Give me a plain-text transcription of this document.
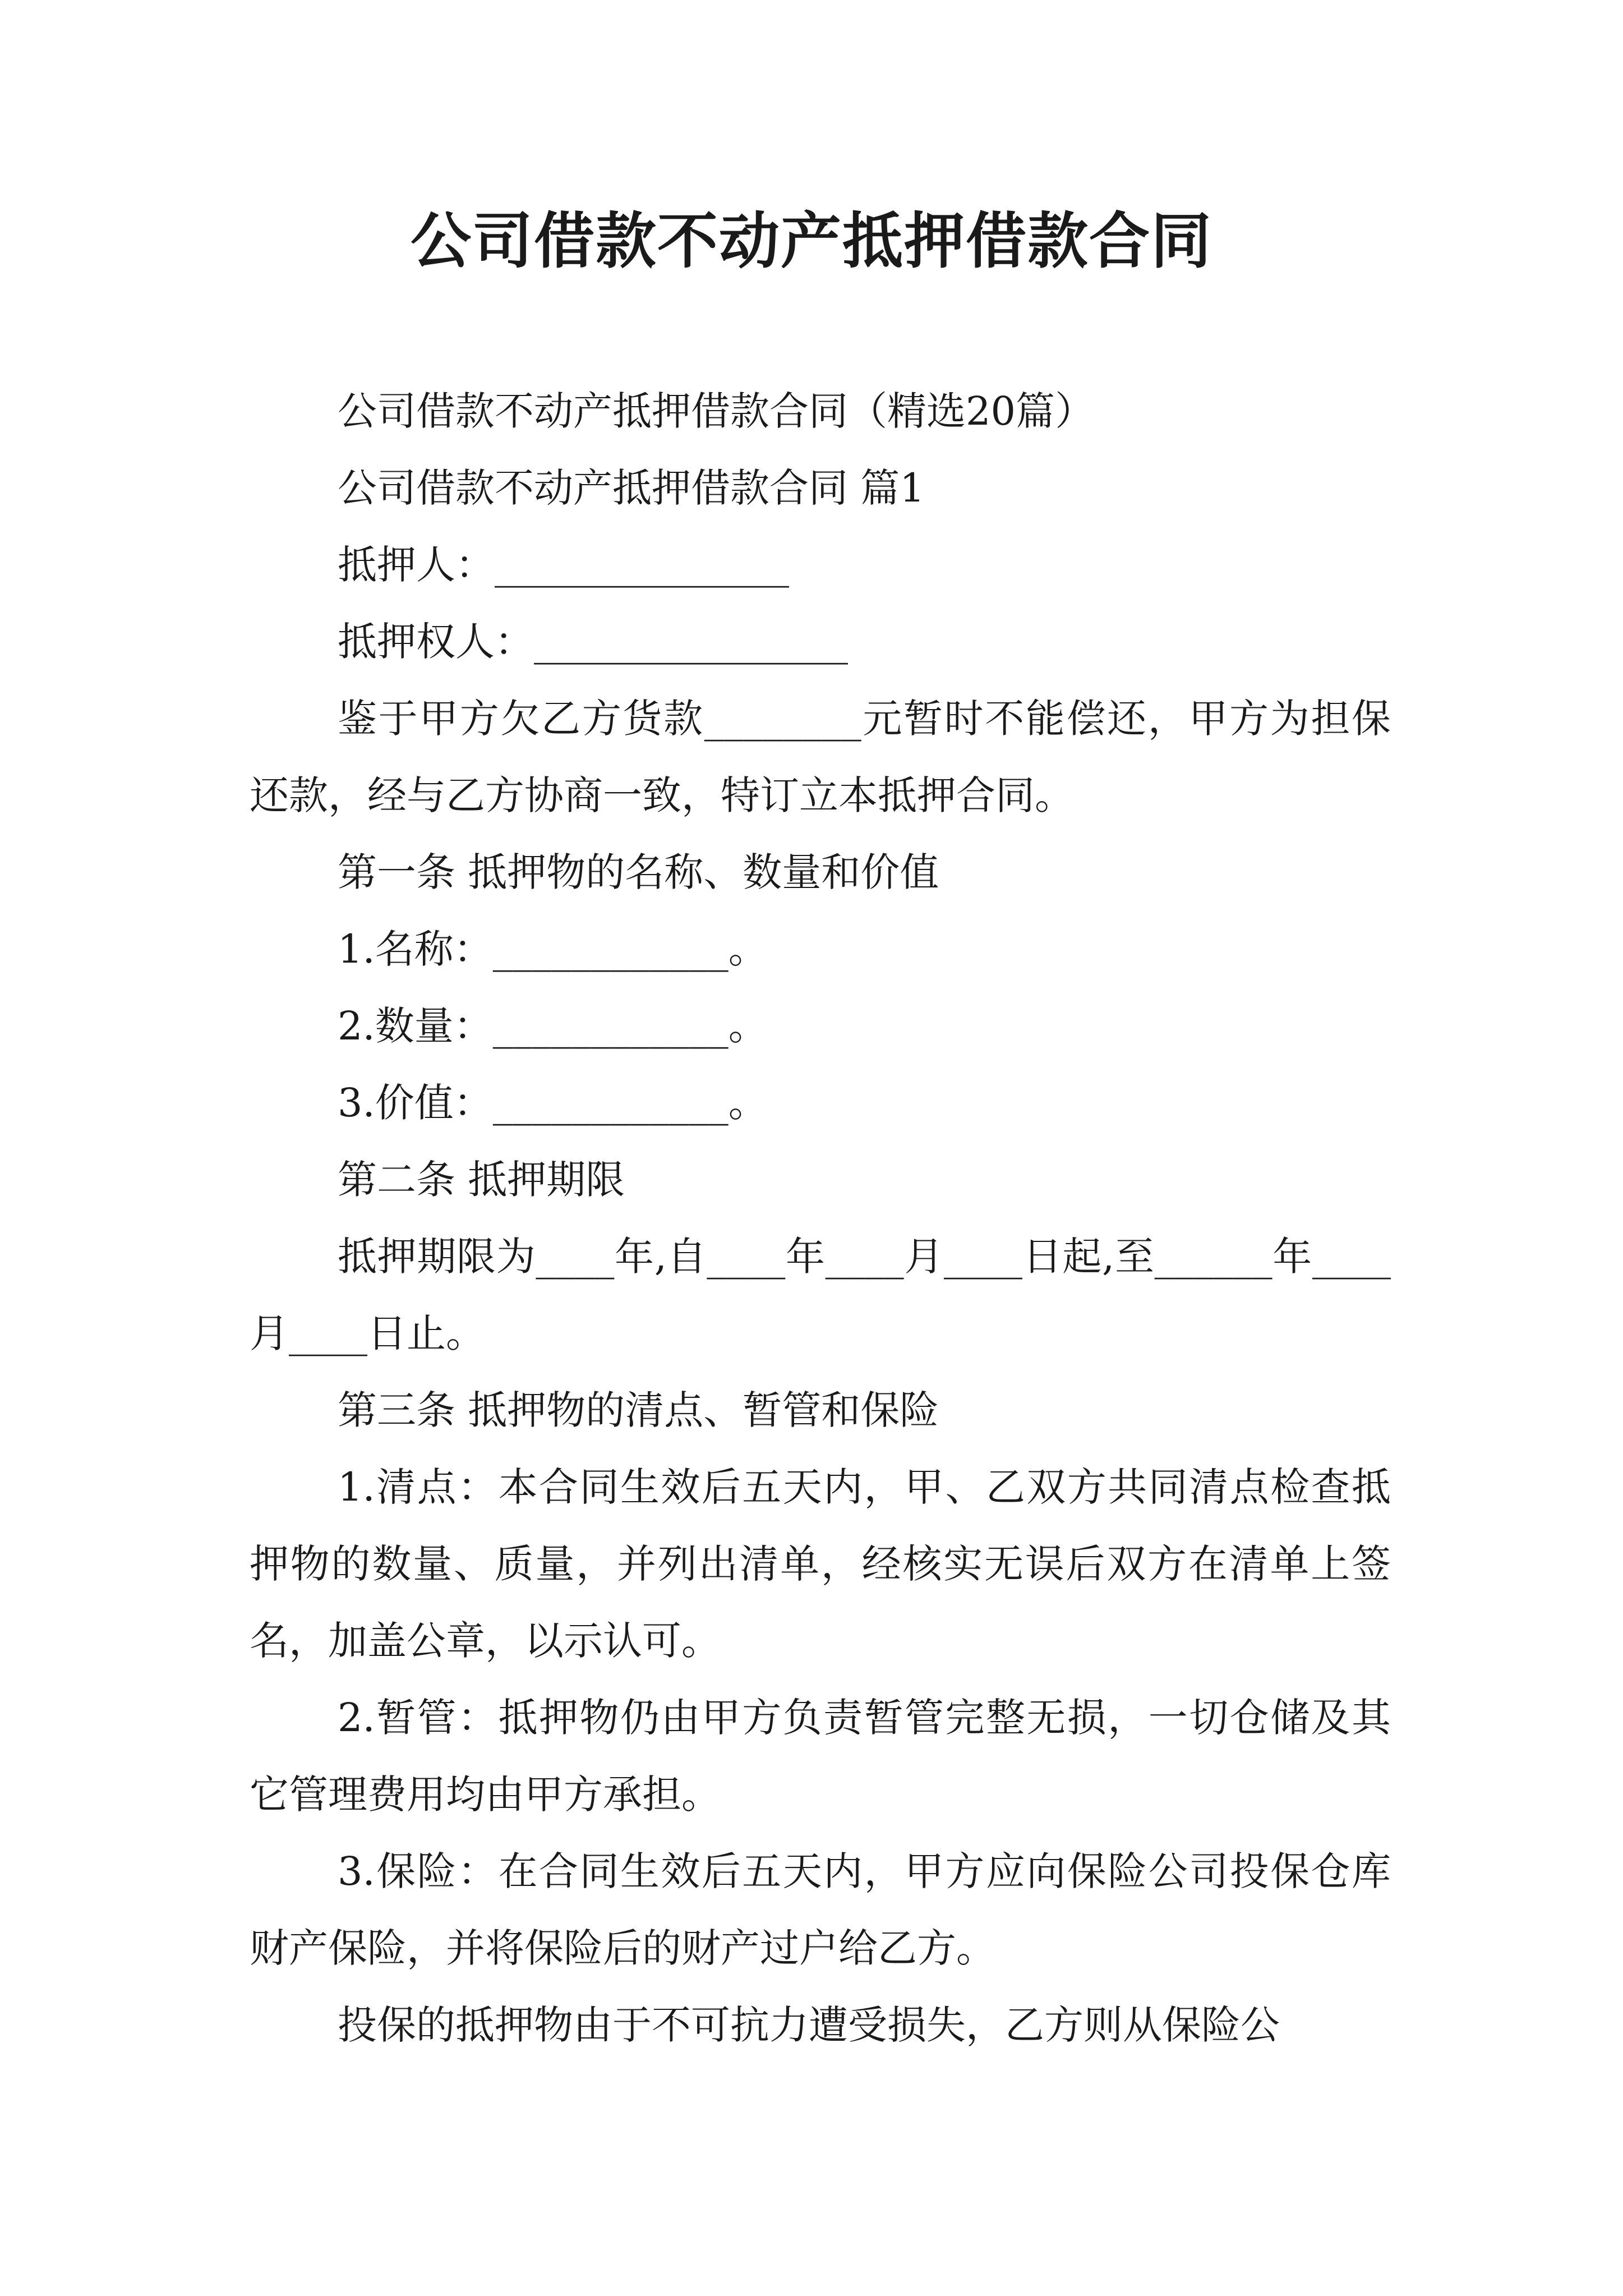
公司借款不动产抵押借款合同

公司借款不动产抵押借款合同（精选20篇）

公司借款不动产抵押借款合同 篇1

抵押人：_______________

抵押权人：________________

鉴于甲方欠乙方货款________元暂时不能偿还，甲方为担保还款，经与乙方协商一致，特订立本抵押合同。

第一条 抵押物的名称、数量和价值

1.名称：____________。

2.数量：____________。

3.价值：____________。

第二条 抵押期限

抵押期限为____年,自____年____月____日起,至______年____月____日止。

第三条 抵押物的清点、暂管和保险

1.清点：本合同生效后五天内，甲、乙双方共同清点检查抵押物的数量、质量，并列出清单，经核实无误后双方在清单上签名，加盖公章，以示认可。

2.暂管：抵押物仍由甲方负责暂管完整无损，一切仓储及其它管理费用均由甲方承担。

3.保险：在合同生效后五天内，甲方应向保险公司投保仓库财产保险，并将保险后的财产过户给乙方。

投保的抵押物由于不可抗力遭受损失，乙方则从保险公
